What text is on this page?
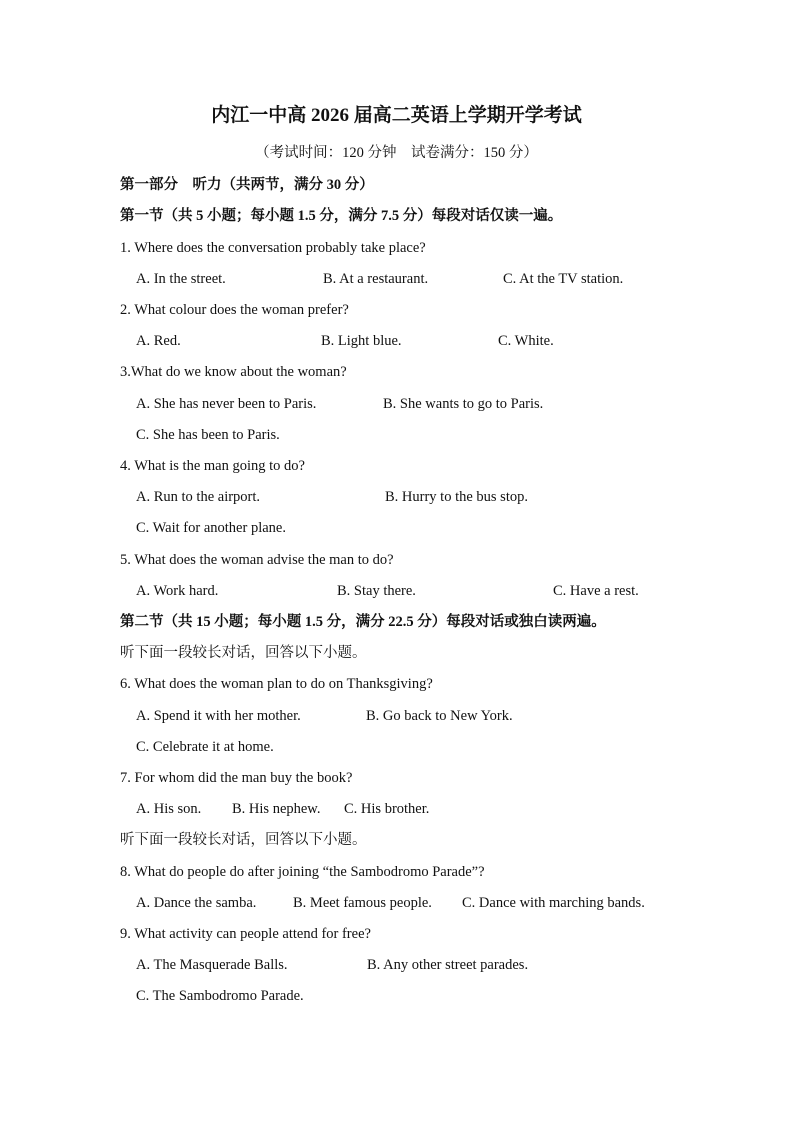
内江一中高 2026 届高二英语上学期开学考试
（考试时间：120 分钟　试卷满分：150 分）
第一部分　听力（共两节，满分 30 分）
第一节（共 5 小题；每小题 1.5 分，满分 7.5 分）每段对话仅读一遍。
1. Where does the conversation probably take place?
A. In the street.	B. At a restaurant.	C. At the TV station.
2. What colour does the woman prefer?
A. Red.	B. Light blue.	C. White.
3.What do we know about the woman?
A. She has never been to Paris.	B. She wants to go to Paris.
C. She has been to Paris.
4. What is the man going to do?
A. Run to the airport.	B. Hurry to the bus stop.
C. Wait for another plane.
5. What does the woman advise the man to do?
A. Work hard.	B. Stay there.	C. Have a rest.
第二节（共 15 小题；每小题 1.5 分，满分 22.5 分）每段对话或独白读两遍。
听下面一段较长对话，回答以下小题。
6. What does the woman plan to do on Thanksgiving?
A. Spend it with her mother.	B. Go back to New York.
C. Celebrate it at home.
7. For whom did the man buy the book?
A. His son. B. His nephew. C. His brother.
听下面一段较长对话，回答以下小题。
8. What do people do after joining “the Sambodromo Parade”?
A. Dance the samba.	B. Meet famous people. C. Dance with marching bands.
9. What activity can people attend for free?
A. The Masquerade Balls.	B. Any other street parades.
C. The Sambodromo Parade.
